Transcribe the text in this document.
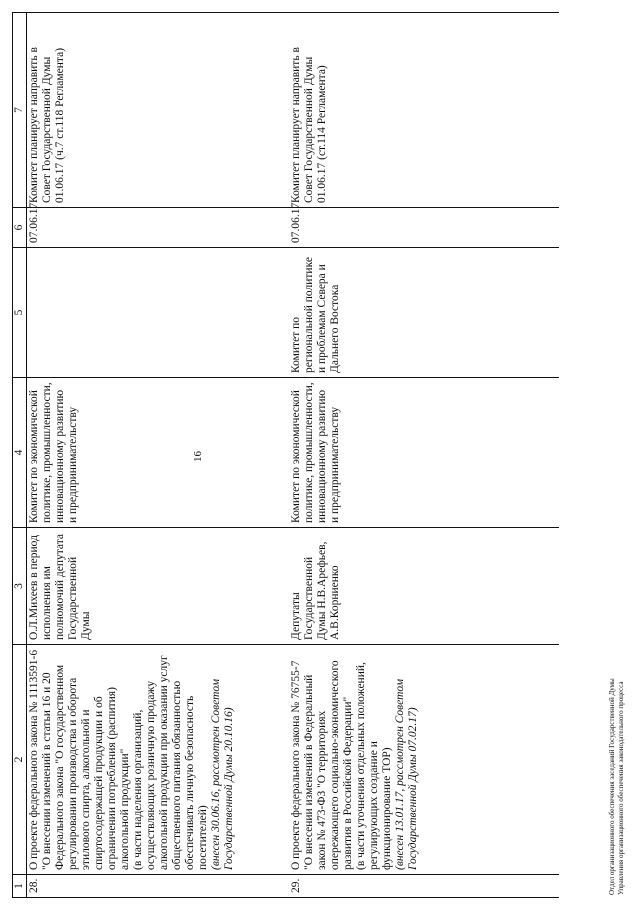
16
1	2	3	4	5	6	7
28.	О проекте федерального закона № 1113591-6 "О внесении изменений в статьи 16 и 20 Федерального закона "О государственном регулировании производства и оборота этилового спирта, алкогольной и спиртосодержащей продукции и об ограничении потребления (распития) алкогольной продукции" (в части наделения организаций, осуществляющих розничную продажу алкогольной продукции при оказании услуг общественного питания обязанностью обеспечивать личную безопасность посетителей) (внесен 30.06.16, рассмотрен Советом Государственной Думы 20.10.16)	О.Л.Михеев в период исполнения им полномочий депутата Государственной Думы	Комитет по экономической политике, промышленности, инновационному развитию и предпринимательству		07.06.17	Комитет планирует направить в Совет Государственной Думы 01.06.17 (ч.7 ст.118 Регламента)
29.	О проекте федерального закона № 76755-7 "О внесении изменений в Федеральный закон № 473-ФЗ "О территориях опережающего социально-экономического развития в Российской Федерации" (в части уточнения отдельных положений, регулирующих создание и функционирование ТОР) (внесен 13.01.17, рассмотрен Советом Государственной Думы 07.02.17)	Депутаты Государственной Думы Н.В.Арефьев, А.В.Корниенко	Комитет по экономической политике, промышленности, инновационному развитию и предпринимательству	Комитет по региональной политике и проблемам Севера и Дальнего Востока	07.06.17	Комитет планирует направить в Совет Государственной Думы 01.06.17 (ст.114 Регламента)
Отдел организационного обеспечения заседаний Государственной Думы Управления организационного обеспечения законодательного процесса
